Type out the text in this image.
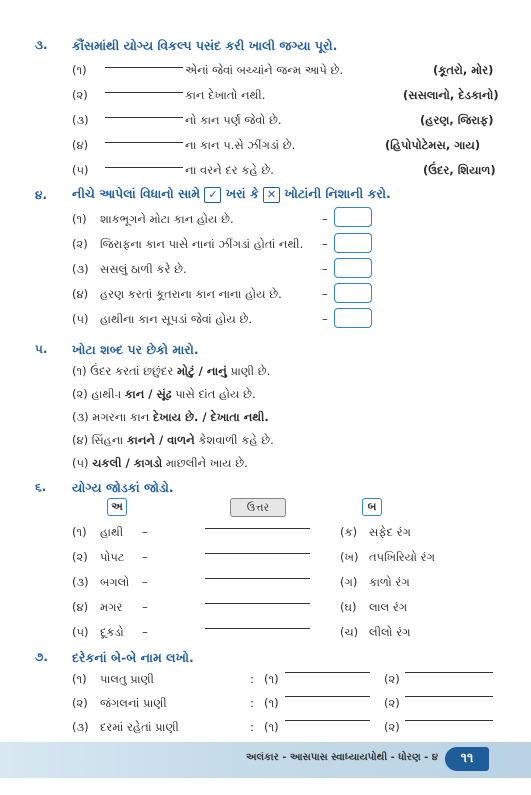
૩. કૌંસમાંથી યોગ્ય વિકલ્પ પસંદ કરી ખાલી જગ્યા પૂરો.
(૧)	એનાં જેવાં બચ્ચાંને જન્મ આપે છે.	(કૂતરો, મોર)
(૨)	કાન દેખાતો નથી.	(સસલાનો, દેડકાનો)
(૩)	નો કાન પર્ણ જેવો છે.	(હરણ, જિરાફ)
(૪)	ના કાન પ.સે ઝીંગડાં છે.	(હિપોપોટેમસ, ગાય)
(૫)	ના વરને દર કહે છે.	(ઉંદર, શિયાળ)
૪. નીચે આપેલાં વિધાનો સામે ✓ ખરાં કે ✕ ખોટાંની નિશાની કરો.
(૧) શાકભૂગને મોટા કાન હોય છે.	–
(૨) જિરાફના કાન પાસે નાનાં ઝીંગડાં હોતાં નથી. –
(૩) સસલું ઠાળી કરે છે.	–
(૪) હરણ કરતાં કૂતરાના કાન નાના હોય છે.	–
(૫) હાથીના કાન સૂપડાં જેવાં હોય છે.	–
૫. ખોટા શબ્દ પર છેકો મારો.
(૧) ઉંદર કરતાં છછુંદર મોટું / નાનું પ્રાણી છે.
(૨) હાથી-ા કાન / સૂંઢ પાસે દાંત હોય છે.
(૩) મગરના કાન દેખાય છે. / દેખાતા નથી.
(૪) સિંહના કાનને / વાળને કેશવાળી કહે છે.
(૫) ચકલી / કાગડો માછલીને ખાય છે.
૬. યોગ્ય જોડકાં જોડો.
અ	ઉત્તર	બ
(૧) હાથી –	(ક) સફેદ રંગ
(૨) પોપટ –	(ખ) તપખિરિયો રંગ
(૩) બગલો –	(ગ) કાળો રંગ
(૪) મગર –	(ઘ) લાલ રંગ
(૫) દૂકડો –	(ચ) લીલો રંગ
૭. દરેકનાં બે-બે નામ લખો.
(૧) પાલતુ પ્રાણી	: (૧)	(૨)
(૨) જંગલનાં પ્રાણી	: (૧)	(૨)
(૩) દરમાં રહેતાં પ્રાણી	: (૧)	(૨)
અલંકાર - આસપાસ સ્વાધ્યાયપોથી - ધોરણ - ૪	૧૧
